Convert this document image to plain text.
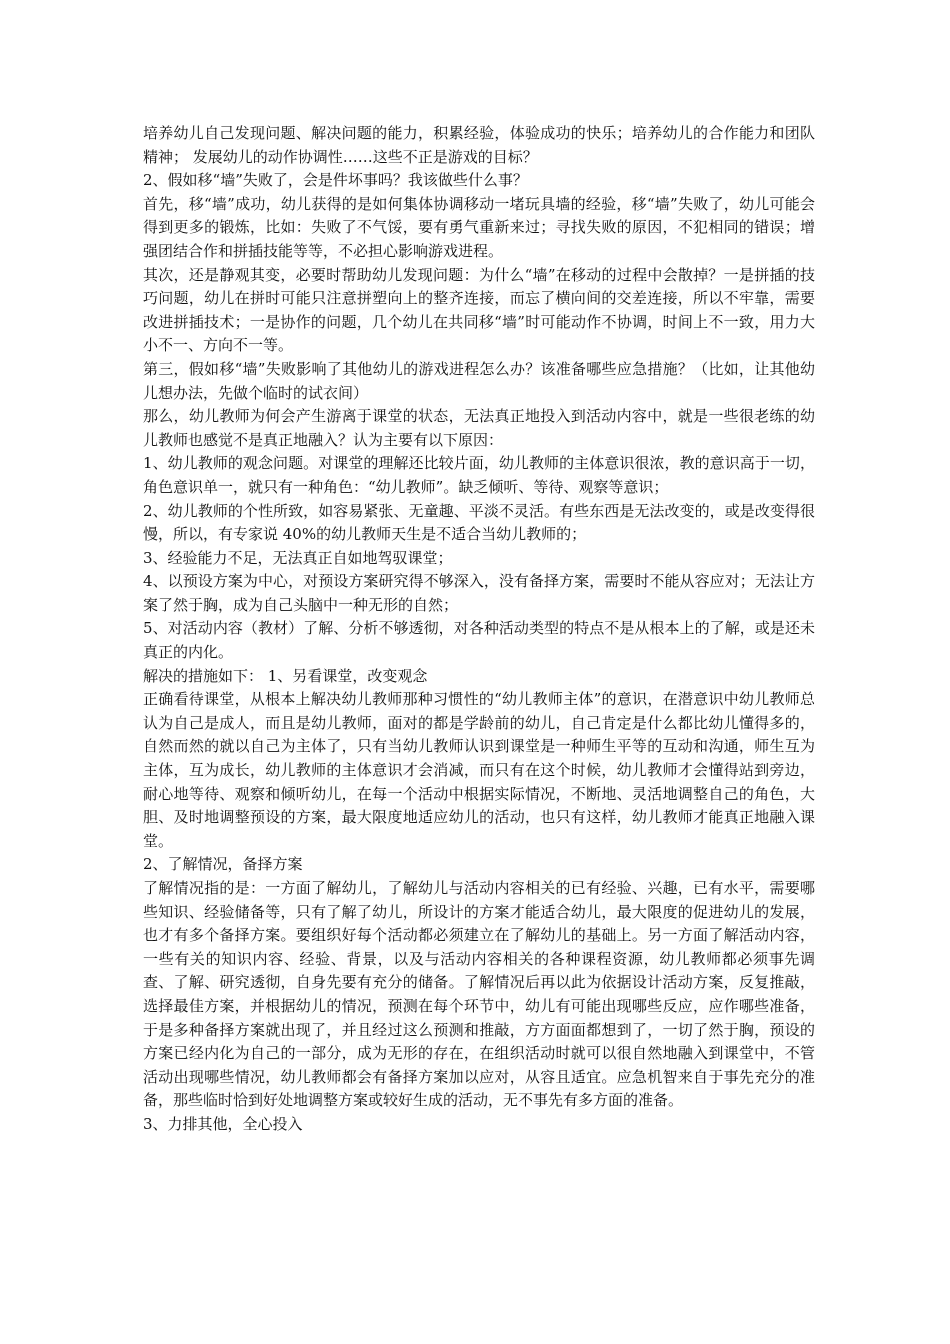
培养幼儿自己发现问题、解决问题的能力，积累经验，体验成功的快乐；培养幼儿的合作能力和团队精神； 发展幼儿的动作协调性……这些不正是游戏的目标？

2、假如移“墙”失败了，会是件坏事吗？我该做些什么事？

首先，移“墙”成功，幼儿获得的是如何集体协调移动一堵玩具墙的经验，移“墙”失败了，幼儿可能会得到更多的锻炼，比如：失败了不气馁，要有勇气重新来过；寻找失败的原因，不犯相同的错误；增强团结合作和拼插技能等等，不必担心影响游戏进程。

其次，还是静观其变，必要时帮助幼儿发现问题：为什么“墙”在移动的过程中会散掉？一是拼插的技巧问题，幼儿在拼时可能只注意拼塑向上的整齐连接，而忘了横向间的交差连接，所以不牢靠，需要改进拼插技术；一是协作的问题，几个幼儿在共同移“墙”时可能动作不协调，时间上不一致，用力大小不一、方向不一等。

第三，假如移“墙”失败影响了其他幼儿的游戏进程怎么办？该准备哪些应急措施？（比如，让其他幼儿想办法，先做个临时的试衣间）

那么，幼儿教师为何会产生游离于课堂的状态，无法真正地投入到活动内容中，就是一些很老练的幼儿教师也感觉不是真正地融入？认为主要有以下原因：

1、幼儿教师的观念问题。对课堂的理解还比较片面，幼儿教师的主体意识很浓，教的意识高于一切，角色意识单一，就只有一种角色：“幼儿教师”。缺乏倾听、等待、观察等意识；

2、幼儿教师的个性所致，如容易紧张、无童趣、平淡不灵活。有些东西是无法改变的，或是改变得很慢，所以，有专家说 40%的幼儿教师天生是不适合当幼儿教师的；

3、经验能力不足，无法真正自如地驾驭课堂；

4、以预设方案为中心，对预设方案研究得不够深入，没有备择方案，需要时不能从容应对；无法让方案了然于胸，成为自己头脑中一种无形的自然；

5、对活动内容（教材）了解、分析不够透彻，对各种活动类型的特点不是从根本上的了解，或是还未真正的内化。

解决的措施如下： 1、另看课堂，改变观念

正确看待课堂，从根本上解决幼儿教师那种习惯性的“幼儿教师主体”的意识，在潜意识中幼儿教师总认为自己是成人，而且是幼儿教师，面对的都是学龄前的幼儿，自己肯定是什么都比幼儿懂得多的，自然而然的就以自己为主体了，只有当幼儿教师认识到课堂是一种师生平等的互动和沟通，师生互为主体，互为成长，幼儿教师的主体意识才会消减，而只有在这个时候，幼儿教师才会懂得站到旁边，耐心地等待、观察和倾听幼儿，在每一个活动中根据实际情况，不断地、灵活地调整自己的角色，大胆、及时地调整预设的方案，最大限度地适应幼儿的活动，也只有这样，幼儿教师才能真正地融入课堂。

2、了解情况，备择方案

了解情况指的是：一方面了解幼儿，了解幼儿与活动内容相关的已有经验、兴趣，已有水平，需要哪些知识、经验储备等，只有了解了幼儿，所设计的方案才能适合幼儿，最大限度的促进幼儿的发展，也才有多个备择方案。要组织好每个活动都必须建立在了解幼儿的基础上。另一方面了解活动内容，一些有关的知识内容、经验、背景，以及与活动内容相关的各种课程资源，幼儿教师都必须事先调查、了解、研究透彻，自身先要有充分的储备。了解情况后再以此为依据设计活动方案，反复推敲，选择最佳方案，并根据幼儿的情况，预测在每个环节中，幼儿有可能出现哪些反应，应作哪些准备，于是多种备择方案就出现了，并且经过这么预测和推敲，方方面面都想到了，一切了然于胸，预设的方案已经内化为自己的一部分，成为无形的存在，在组织活动时就可以很自然地融入到课堂中，不管活动出现哪些情况，幼儿教师都会有备择方案加以应对，从容且适宜。应急机智来自于事先充分的准备，那些临时恰到好处地调整方案或较好生成的活动，无不事先有多方面的准备。

3、力排其他，全心投入
